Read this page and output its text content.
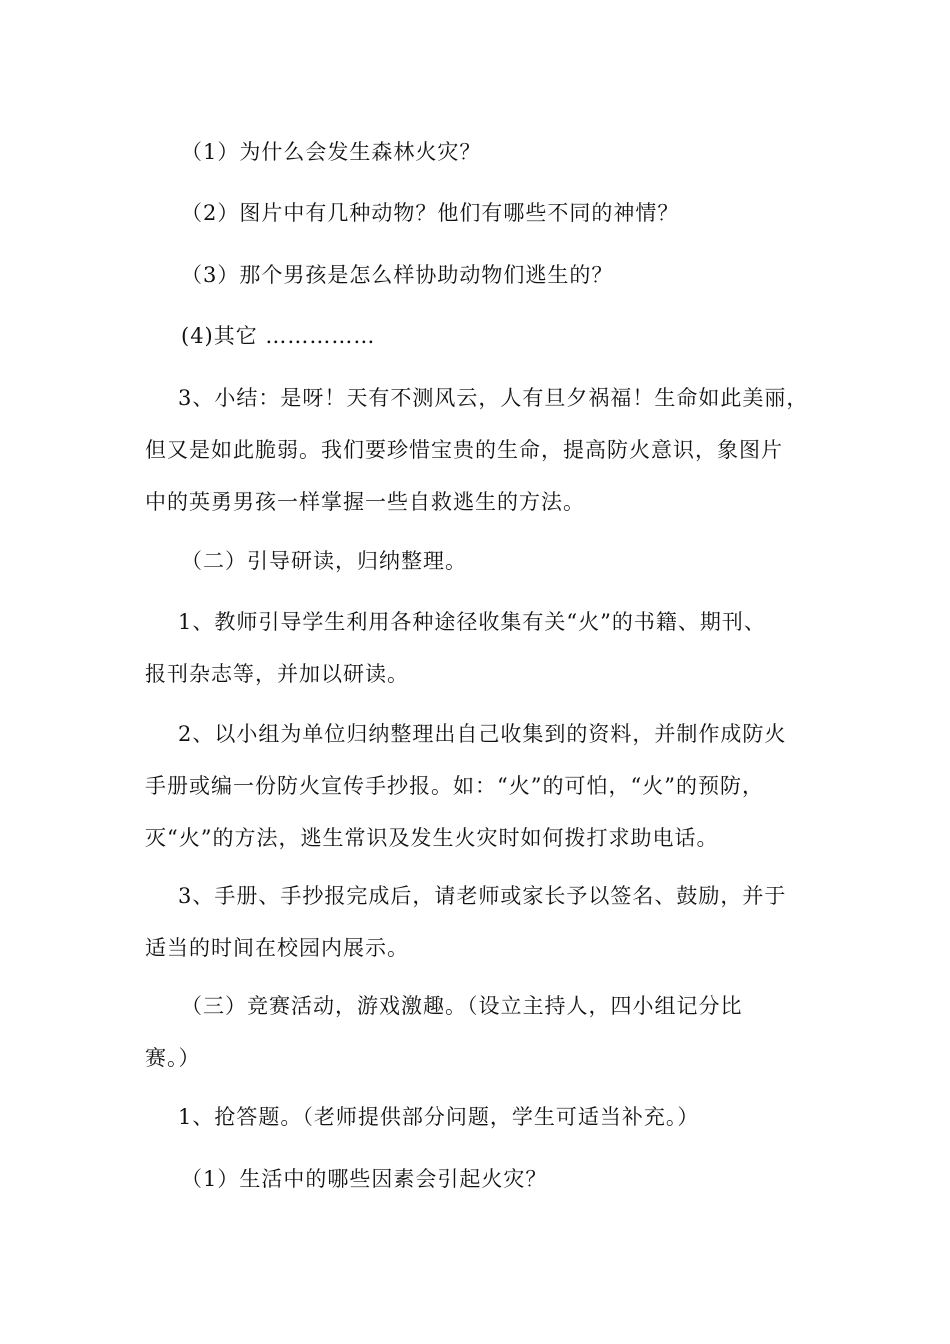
（1）为什么会发生森林火灾？

（2）图片中有几种动物？他们有哪些不同的神情？

（3）那个男孩是怎么样协助动物们逃生的？

(4)其它 ……………

3、小结：是呀！天有不测风云，人有旦夕祸福！生命如此美丽，
但又是如此脆弱。我们要珍惜宝贵的生命，提高防火意识，象图片
中的英勇男孩一样掌握一些自救逃生的方法。

（二）引导研读，归纳整理。

1、教师引导学生利用各种途径收集有关“火”的书籍、期刊、
报刊杂志等，并加以研读。

2、以小组为单位归纳整理出自己收集到的资料，并制作成防火
手册或编一份防火宣传手抄报。如：“火”的可怕，“火”的预防，
灭“火”的方法，逃生常识及发生火灾时如何拨打求助电话。

3、手册、手抄报完成后，请老师或家长予以签名、鼓励，并于
适当的时间在校园内展示。

（三）竞赛活动，游戏激趣。（设立主持人，四小组记分比
赛。）

1、抢答题。（老师提供部分问题，学生可适当补充。）

（1）生活中的哪些因素会引起火灾？
